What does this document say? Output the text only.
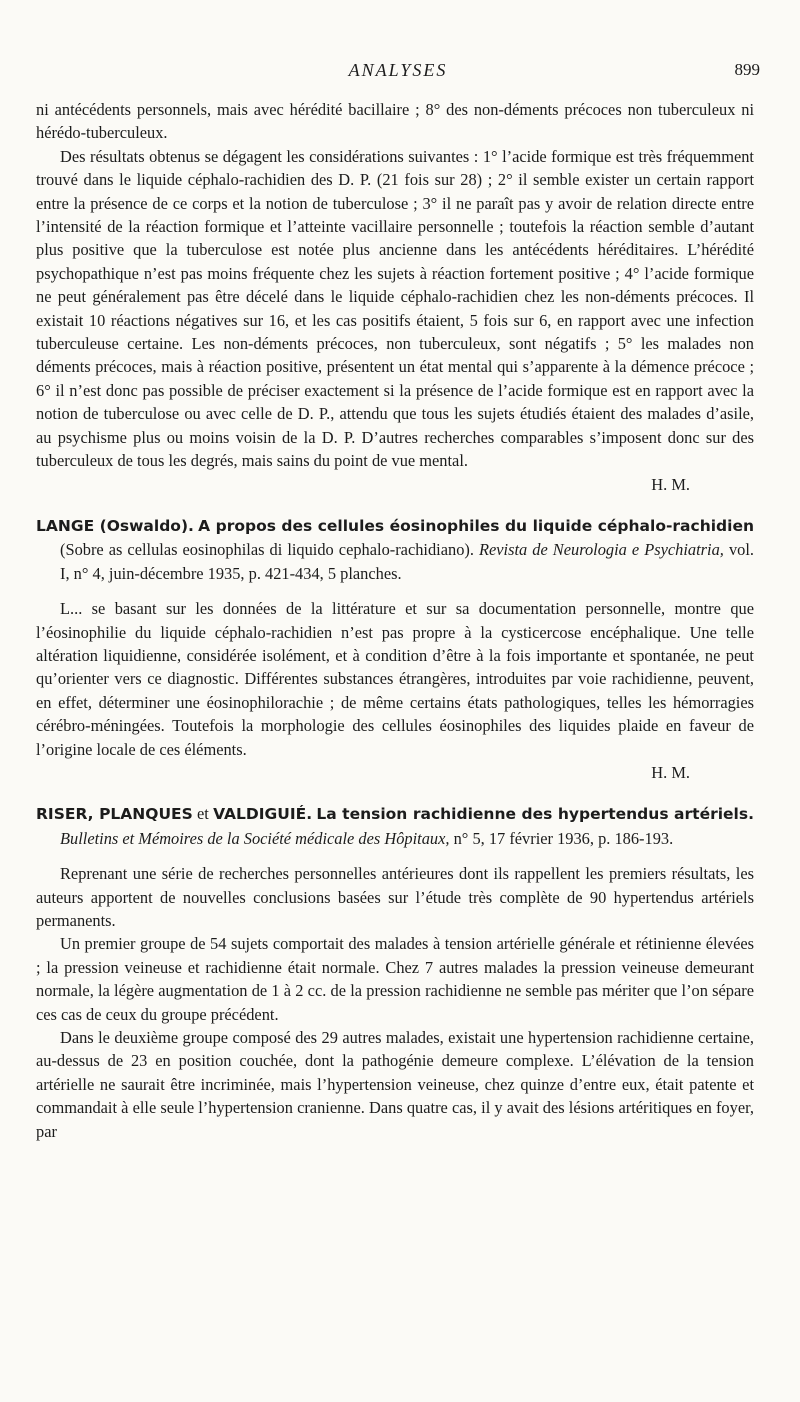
ANALYSES	899

ni antécédents personnels, mais avec hérédité bacillaire ; 8° des non-déments précoces non tuberculeux ni hérédo-tuberculeux.

Des résultats obtenus se dégagent les considérations suivantes : 1° l’acide formique est très fréquemment trouvé dans le liquide céphalo-rachidien des D. P. (21 fois sur 28) ; 2° il semble exister un certain rapport entre la présence de ce corps et la notion de tuberculose ; 3° il ne paraît pas y avoir de relation directe entre l’intensité de la réaction formique et l’atteinte vacillaire personnelle ; toutefois la réaction semble d’autant plus positive que la tuberculose est notée plus ancienne dans les antécédents héréditaires. L’hérédité psychopathique n’est pas moins fréquente chez les sujets à réaction fortement positive ; 4° l’acide formique ne peut généralement pas être décelé dans le liquide céphalo-rachidien chez les non-déments précoces. Il existait 10 réactions négatives sur 16, et les cas positifs étaient, 5 fois sur 6, en rapport avec une infection tuberculeuse certaine. Les non-déments précoces, non tuberculeux, sont négatifs ; 5° les malades non déments précoces, mais à réaction positive, présentent un état mental qui s’apparente à la démence précoce ; 6° il n’est donc pas possible de préciser exactement si la présence de l’acide formique est en rapport avec la notion de tuberculose ou avec celle de D. P., attendu que tous les sujets étudiés étaient des malades d’asile, au psychisme plus ou moins voisin de la D. P. D’autres recherches comparables s’imposent donc sur des tuberculeux de tous les degrés, mais sains du point de vue mental.

H. M.

LANGE (Oswaldo). A propos des cellules éosinophiles du liquide céphalo-rachidien (Sobre as cellulas eosinophilas di liquido cephalo-rachidiano). Revista de Neurologia e Psychiatria, vol. I, n° 4, juin-décembre 1935, p. 421-434, 5 planches.

L... se basant sur les données de la littérature et sur sa documentation personnelle, montre que l’éosinophilie du liquide céphalo-rachidien n’est pas propre à la cysticercose encéphalique. Une telle altération liquidienne, considérée isolément, et à condition d’être à la fois importante et spontanée, ne peut qu’orienter vers ce diagnostic. Différentes substances étrangères, introduites par voie rachidienne, peuvent, en effet, déterminer une éosinophilorachie ; de même certains états pathologiques, telles les hémorragies cérébro-méningées. Toutefois la morphologie des cellules éosinophiles des liquides plaide en faveur de l’origine locale de ces éléments.

H. M.

RISER, PLANQUES et VALDIGUIÉ. La tension rachidienne des hypertendus artériels. Bulletins et Mémoires de la Société médicale des Hôpitaux, n° 5, 17 février 1936, p. 186-193.

Reprenant une série de recherches personnelles antérieures dont ils rappellent les premiers résultats, les auteurs apportent de nouvelles conclusions basées sur l’étude très complète de 90 hypertendus artériels permanents.

Un premier groupe de 54 sujets comportait des malades à tension artérielle générale et rétinienne élevées ; la pression veineuse et rachidienne était normale. Chez 7 autres malades la pression veineuse demeurant normale, la légère augmentation de 1 à 2 cc. de la pression rachidienne ne semble pas mériter que l’on sépare ces cas de ceux du groupe précédent.

Dans le deuxième groupe composé des 29 autres malades, existait une hypertension rachidienne certaine, au-dessus de 23 en position couchée, dont la pathogénie demeure complexe. L’élévation de la tension artérielle ne saurait être incriminée, mais l’hypertension veineuse, chez quinze d’entre eux, était patente et commandait à elle seule l’hypertension cranienne. Dans quatre cas, il y avait des lésions artéritiques en foyer, par
